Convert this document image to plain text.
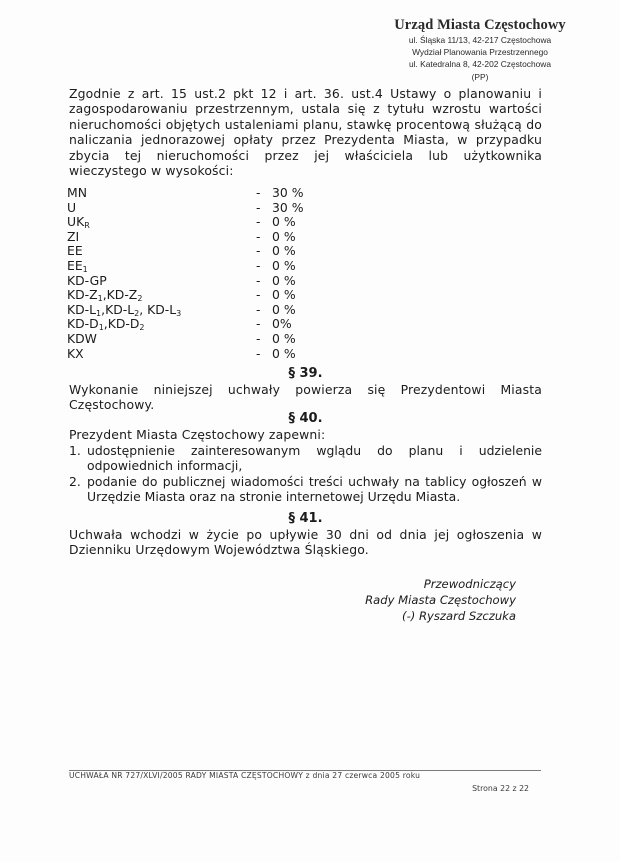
Urząd Miasta Częstochowy
ul. Śląska 11/13, 42-217 Częstochowa
Wydział Planowania Przestrzennego
ul. Katedralna 8, 42-202 Częstochowa
(PP)
Zgodnie z art. 15 ust.2 pkt 12 i art. 36. ust.4 Ustawy o planowaniu i zagospodarowaniu przestrzennym, ustala się z tytułu wzrostu wartości nieruchomości objętych ustaleniami planu, stawkę procentową służącą do naliczania jednorazowej opłaty przez Prezydenta Miasta, w przypadku zbycia tej nieruchomości przez jej właściciela lub użytkownika wieczystego w wysokości:
MN	- 30 %
U	- 30 %
$UK_R$	- 0 %
ZI	- 0 %
EE	- 0 %
$EE_1$	- 0 %
KD-GP	- 0 %
$KD-Z_1,KD-Z_2$	- 0 %
$KD-L_1,KD-L_2$, $KD-L_3$	- 0 %
$KD-D_1,KD-D_2$	- 0%
KDW	- 0 %
KX	- 0 %
§ 39.
Wykonanie niniejszej uchwały powierza się Prezydentowi Miasta Częstochowy.
§ 40.
Prezydent Miasta Częstochowy zapewni:
1. udostępnienie zainteresowanym wglądu do planu i udzielenie odpowiednich informacji,
2. podanie do publicznej wiadomości treści uchwały na tablicy ogłoszeń w Urzędzie Miasta oraz na stronie internetowej Urzędu Miasta.
§ 41.
Uchwała wchodzi w życie po upływie 30 dni od dnia jej ogłoszenia w Dzienniku Urzędowym Województwa Śląskiego.
Przewodniczący
Rady Miasta Częstochowy
(-) Ryszard Szczuka
UCHWAŁA NR 727/XLVI/2005 RADY MIASTA CZĘSTOCHOWY z dnia 27 czerwca 2005 roku
Strona 22 z 22
